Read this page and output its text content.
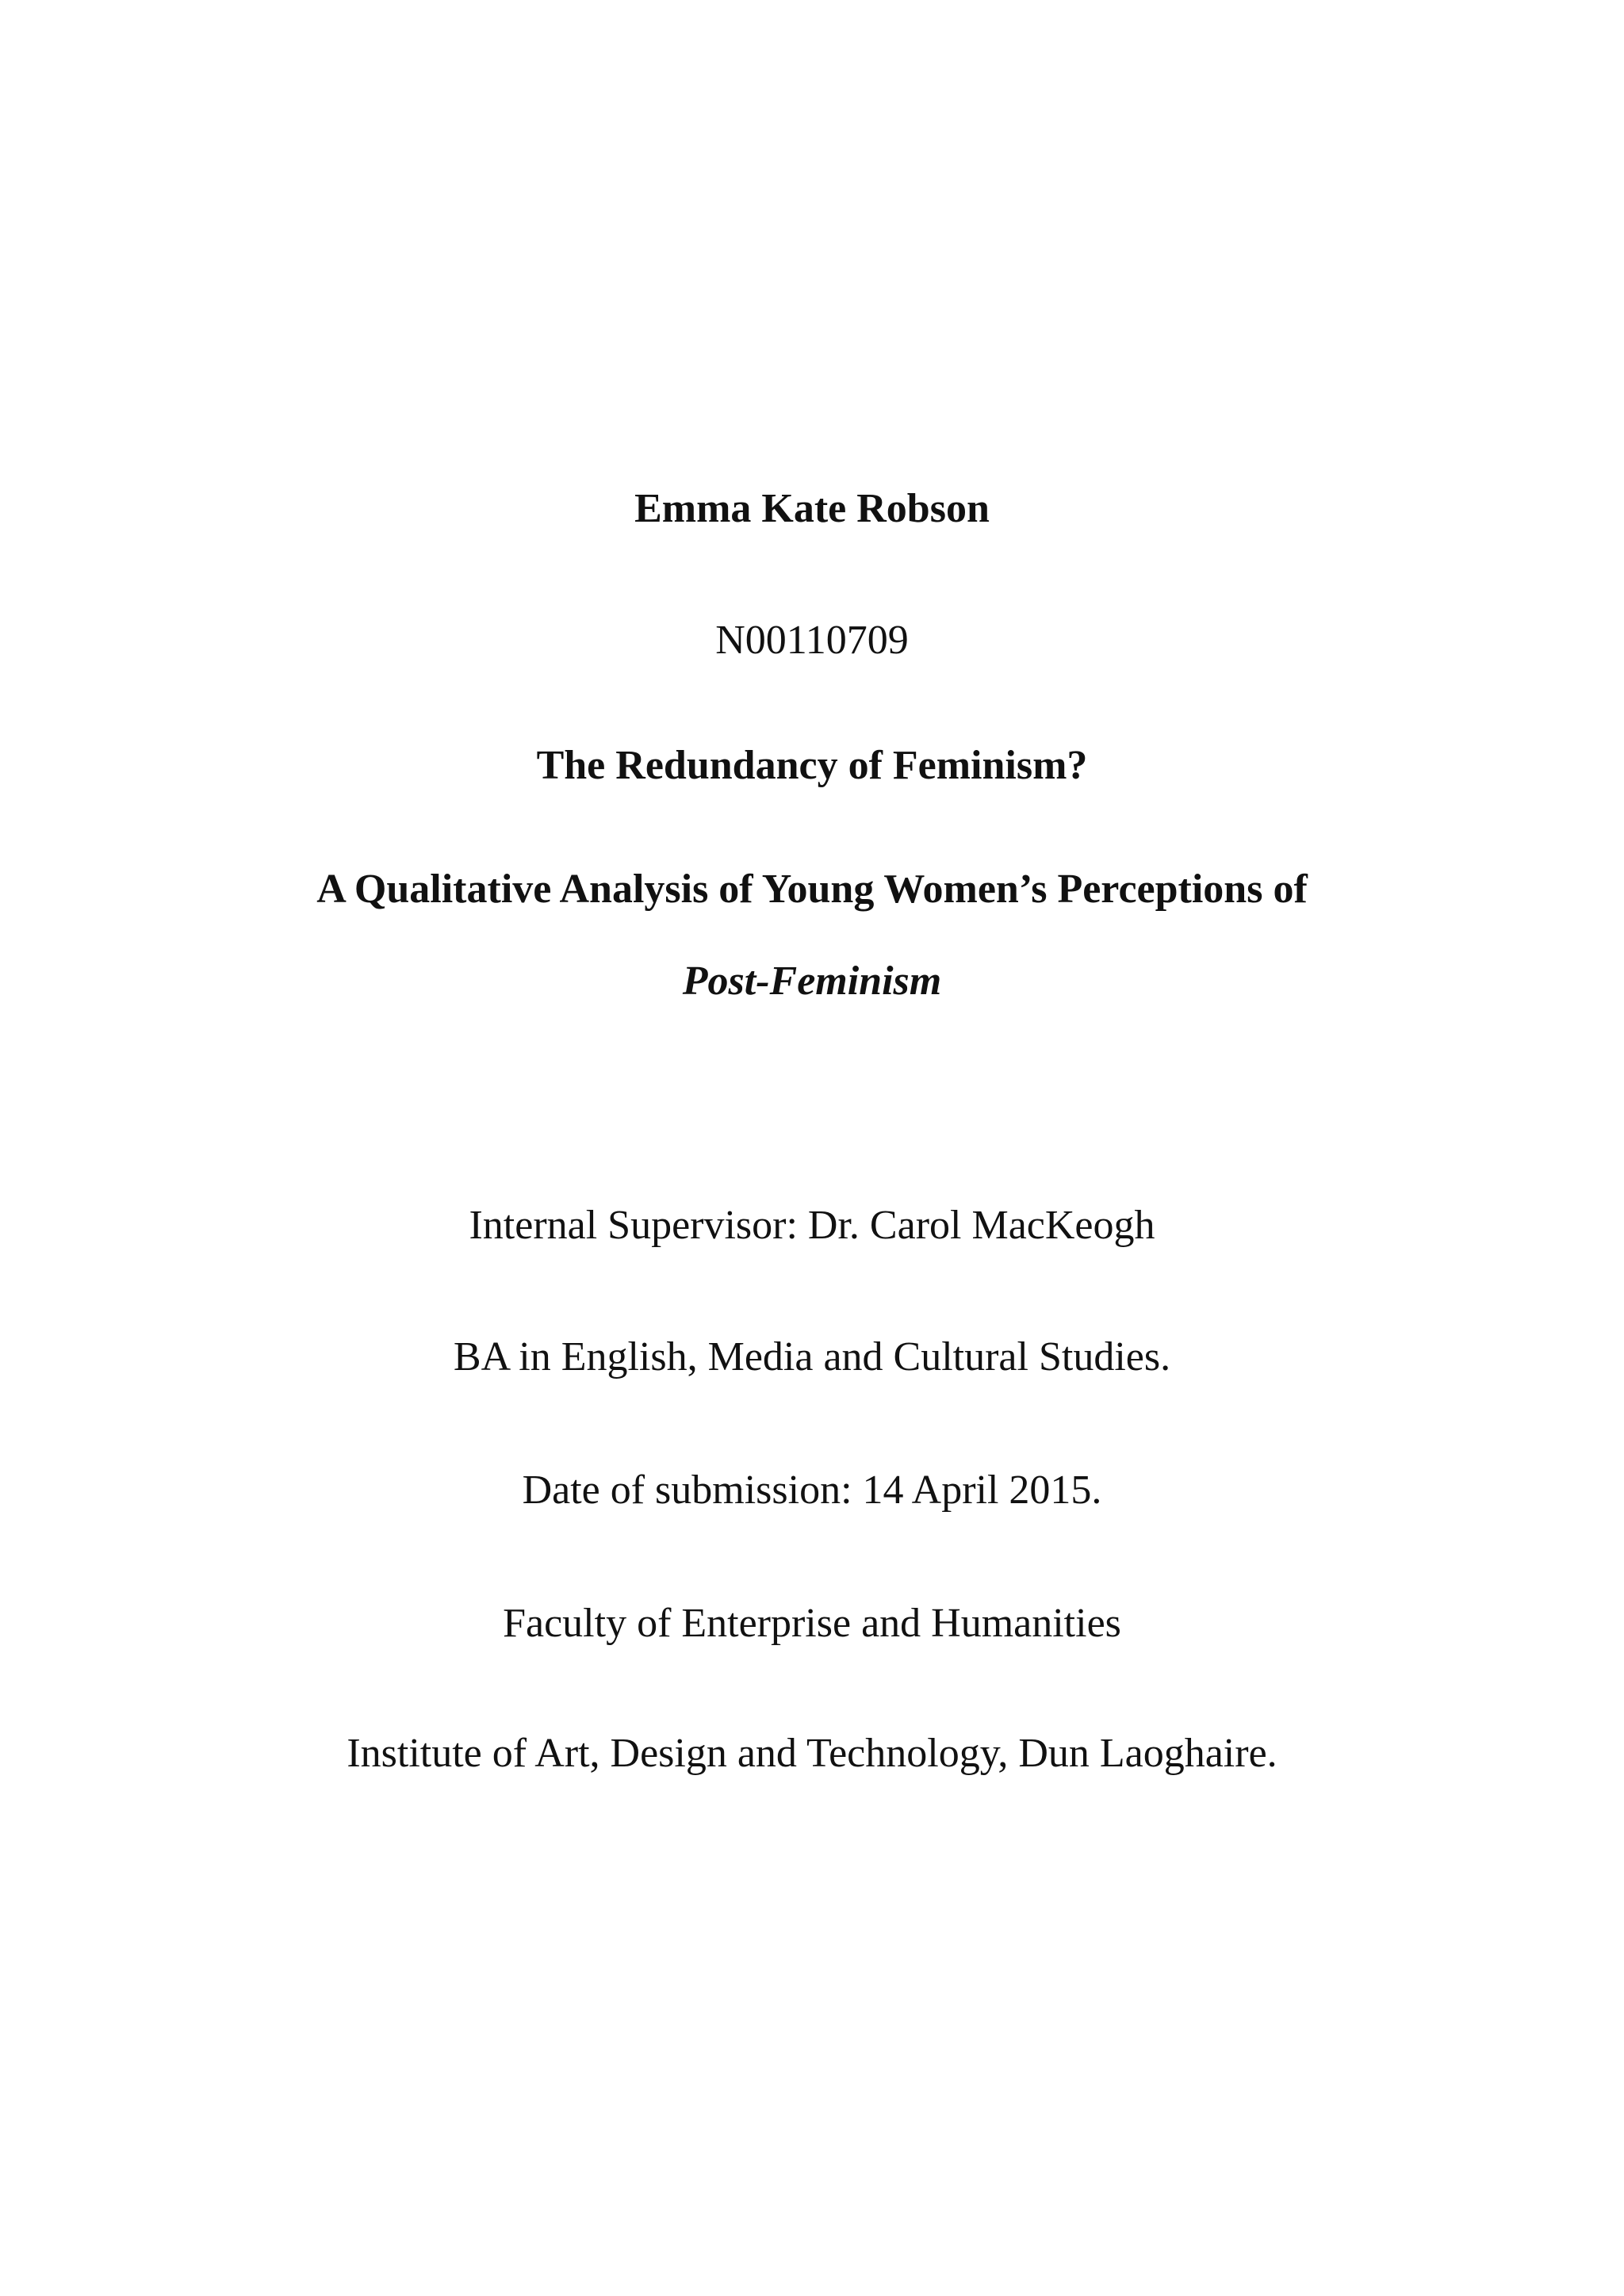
Emma Kate Robson
N00110709
The Redundancy of Feminism?
A Qualitative Analysis of Young Women’s Perceptions of
Post-Feminism
Internal Supervisor: Dr. Carol MacKeogh
BA in English, Media and Cultural Studies.
Date of submission: 14 April 2015.
Faculty of Enterprise and Humanities
Institute of Art, Design and Technology, Dun Laoghaire.
